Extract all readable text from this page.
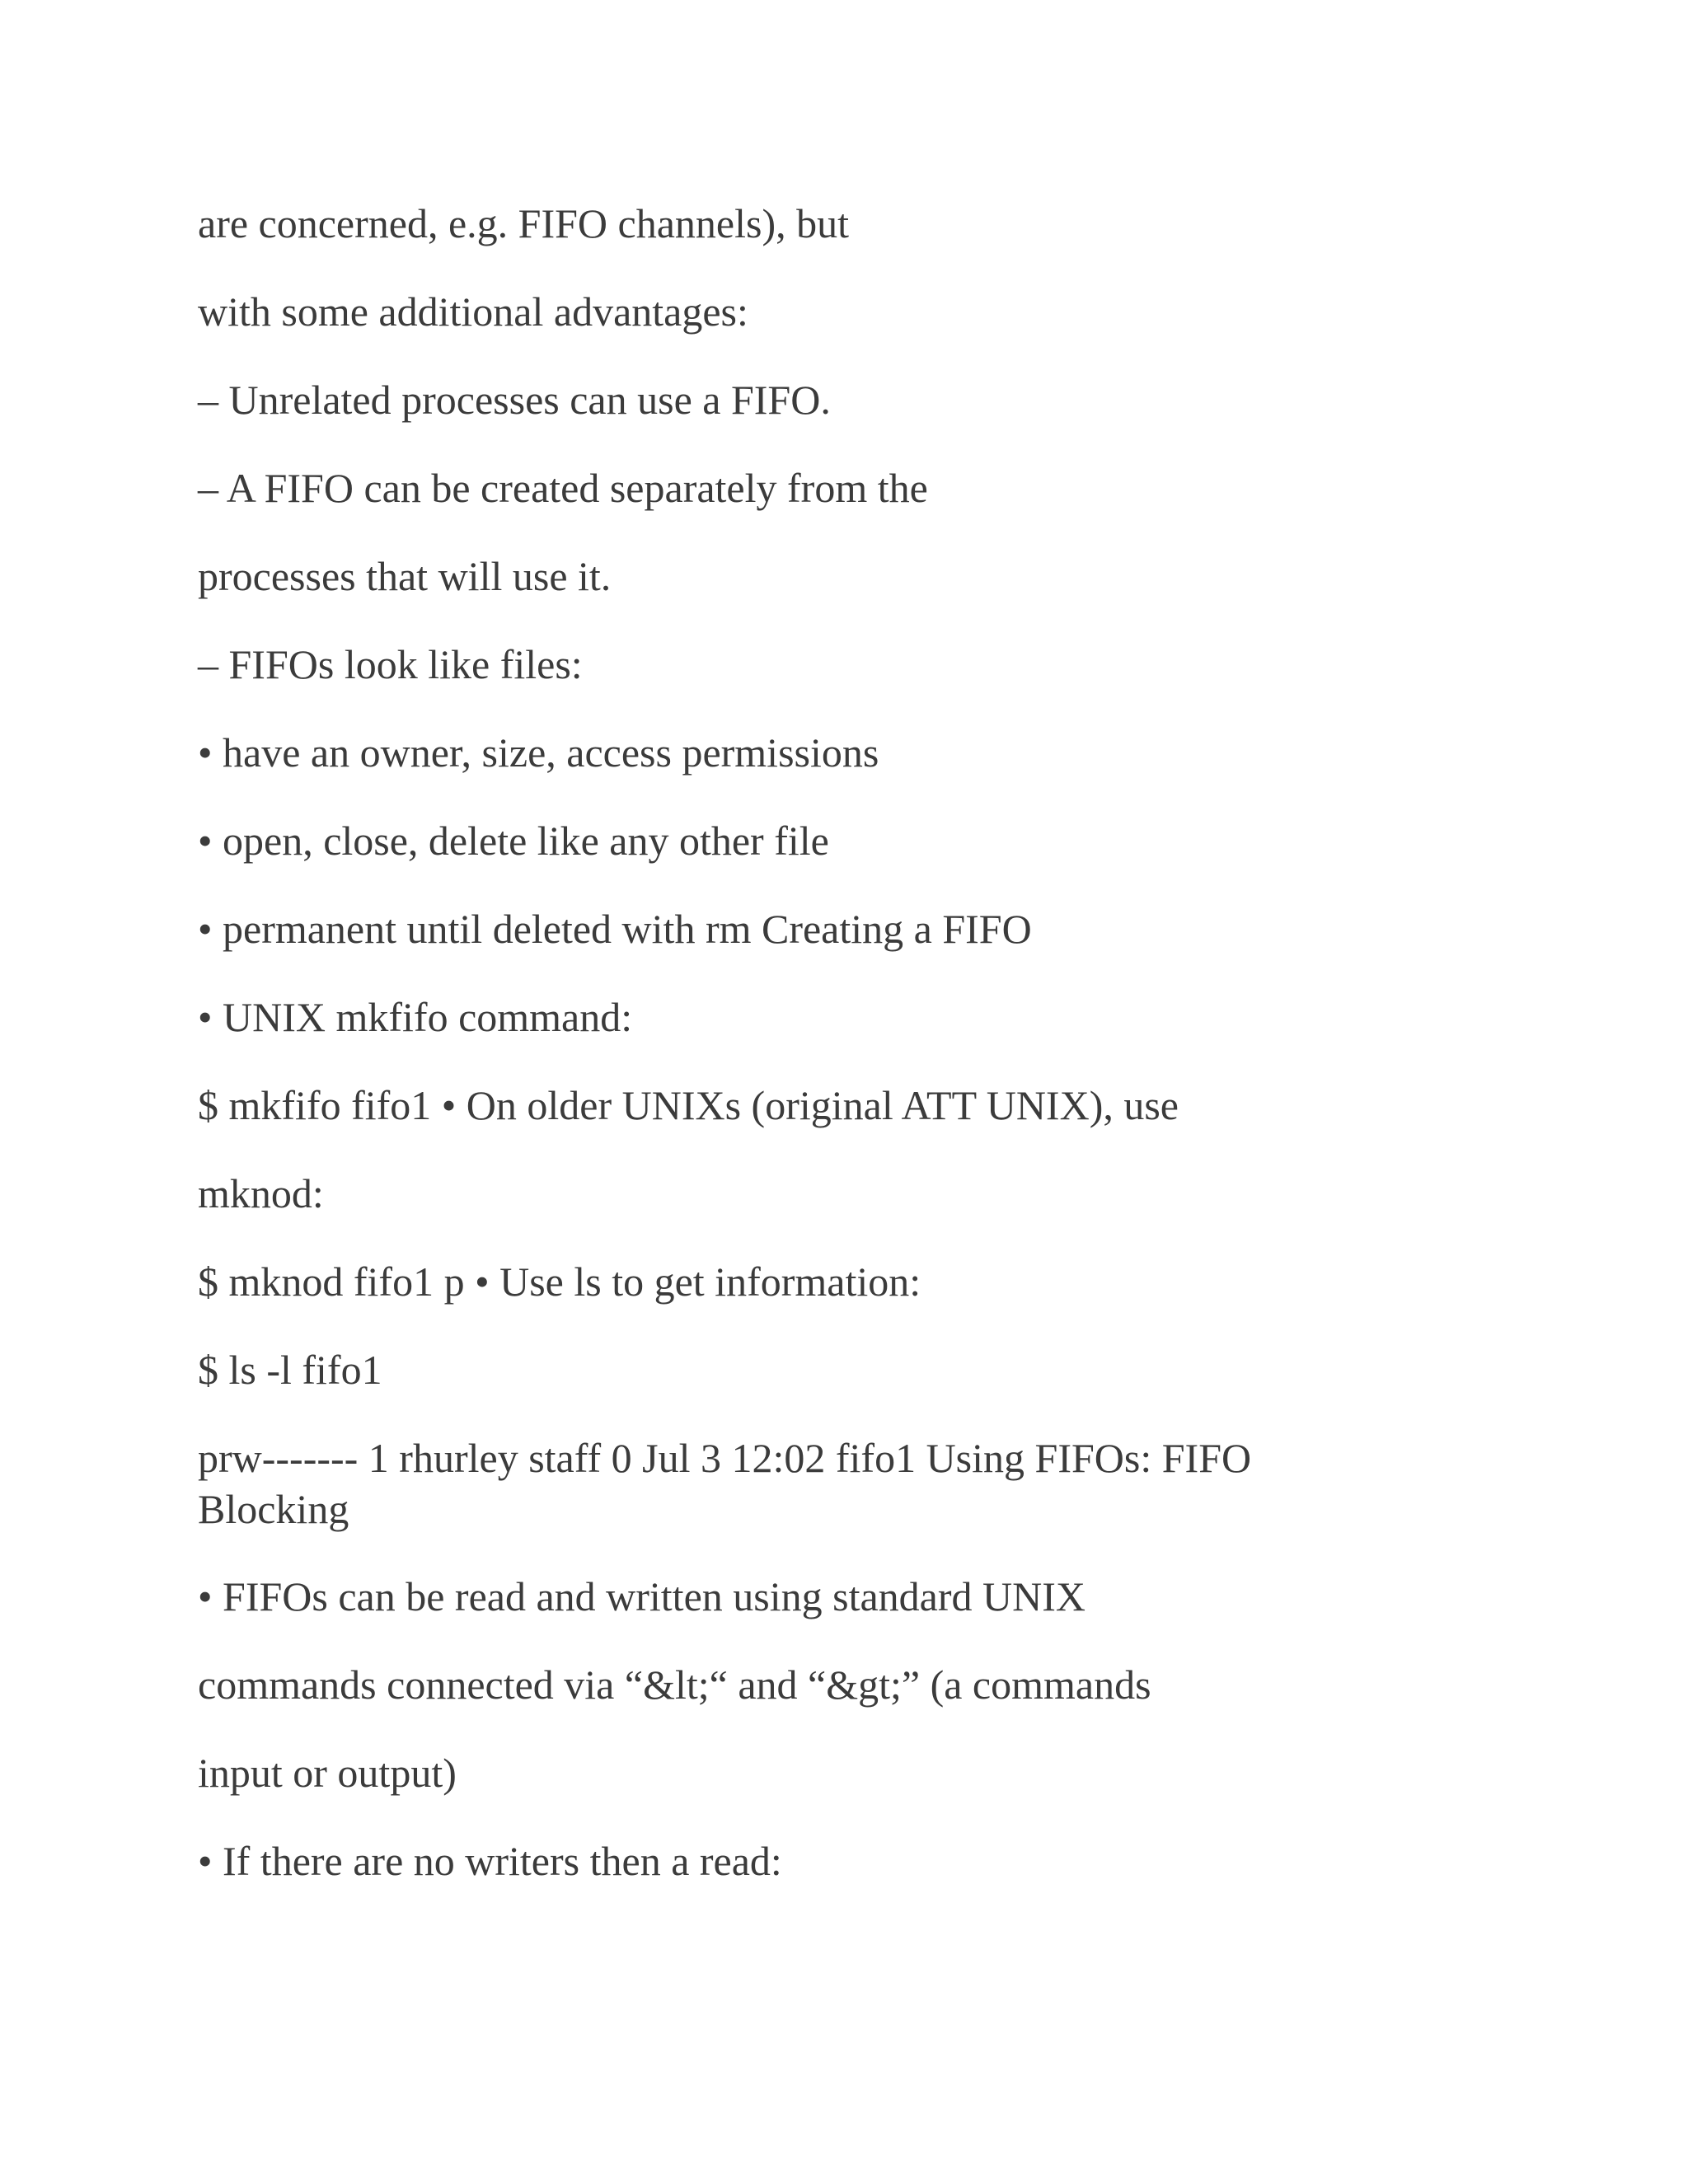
are concerned, e.g. FIFO channels), but
with some additional advantages:
– Unrelated processes can use a FIFO.
– A FIFO can be created separately from the
processes that will use it.
– FIFOs look like files:
• have an owner, size, access permissions
• open, close, delete like any other file
• permanent until deleted with rm Creating a FIFO
• UNIX mkfifo command:
$ mkfifo fifo1 • On older UNIXs (original ATT UNIX), use
mknod:
$ mknod fifo1 p • Use ls to get information:
$ ls -l fifo1
prw------- 1 rhurley staff 0 Jul 3 12:02 fifo1 Using FIFOs: FIFO Blocking
• FIFOs can be read and written using standard UNIX
commands connected via “&lt;“ and “&gt;” (a commands
input or output)
• If there are no writers then a read:
